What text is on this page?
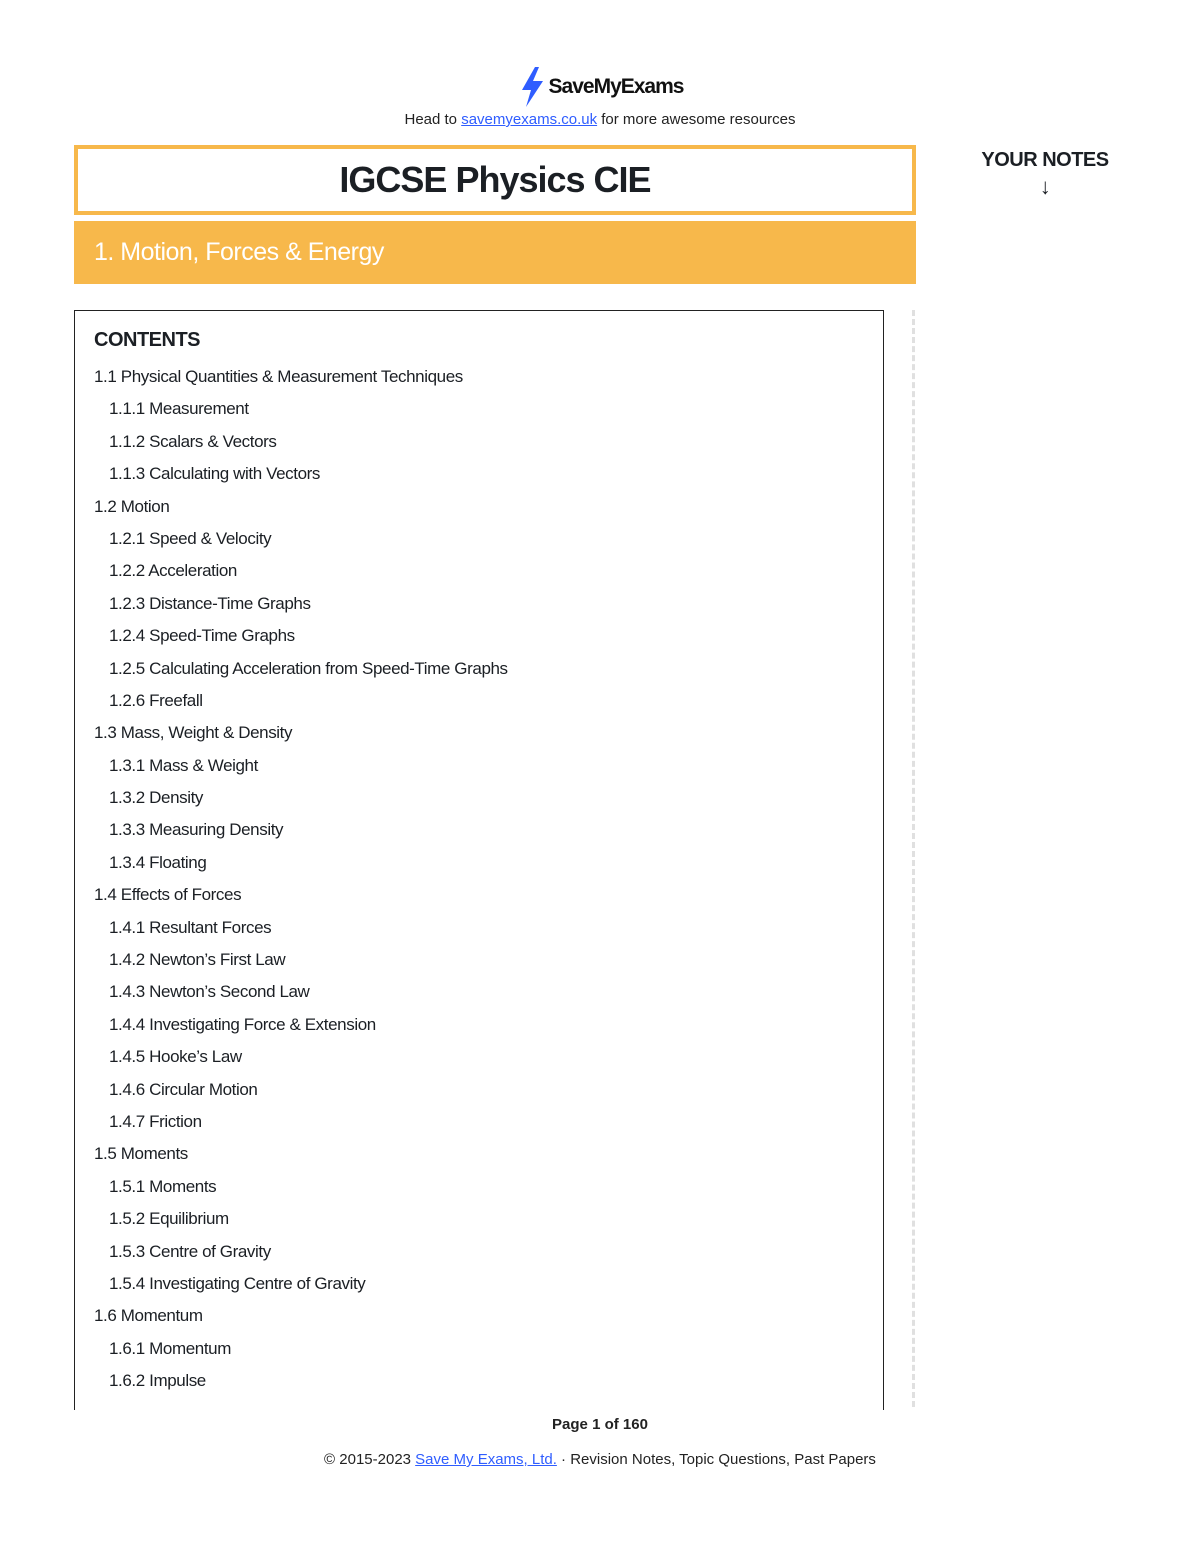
SaveMyExams
Head to savemyexams.co.uk for more awesome resources
IGCSE Physics CIE
1. Motion, Forces & Energy
YOUR NOTES
↓
CONTENTS
1.1 Physical Quantities & Measurement Techniques
1.1.1 Measurement
1.1.2 Scalars & Vectors
1.1.3 Calculating with Vectors
1.2 Motion
1.2.1 Speed & Velocity
1.2.2 Acceleration
1.2.3 Distance-Time Graphs
1.2.4 Speed-Time Graphs
1.2.5 Calculating Acceleration from Speed-Time Graphs
1.2.6 Freefall
1.3 Mass, Weight & Density
1.3.1 Mass & Weight
1.3.2 Density
1.3.3 Measuring Density
1.3.4 Floating
1.4 Effects of Forces
1.4.1 Resultant Forces
1.4.2 Newton’s First Law
1.4.3 Newton’s Second Law
1.4.4 Investigating Force & Extension
1.4.5 Hooke’s Law
1.4.6 Circular Motion
1.4.7 Friction
1.5 Moments
1.5.1 Moments
1.5.2 Equilibrium
1.5.3 Centre of Gravity
1.5.4 Investigating Centre of Gravity
1.6 Momentum
1.6.1 Momentum
1.6.2 Impulse
Page 1 of 160
© 2015-2023 Save My Exams, Ltd. · Revision Notes, Topic Questions, Past Papers
